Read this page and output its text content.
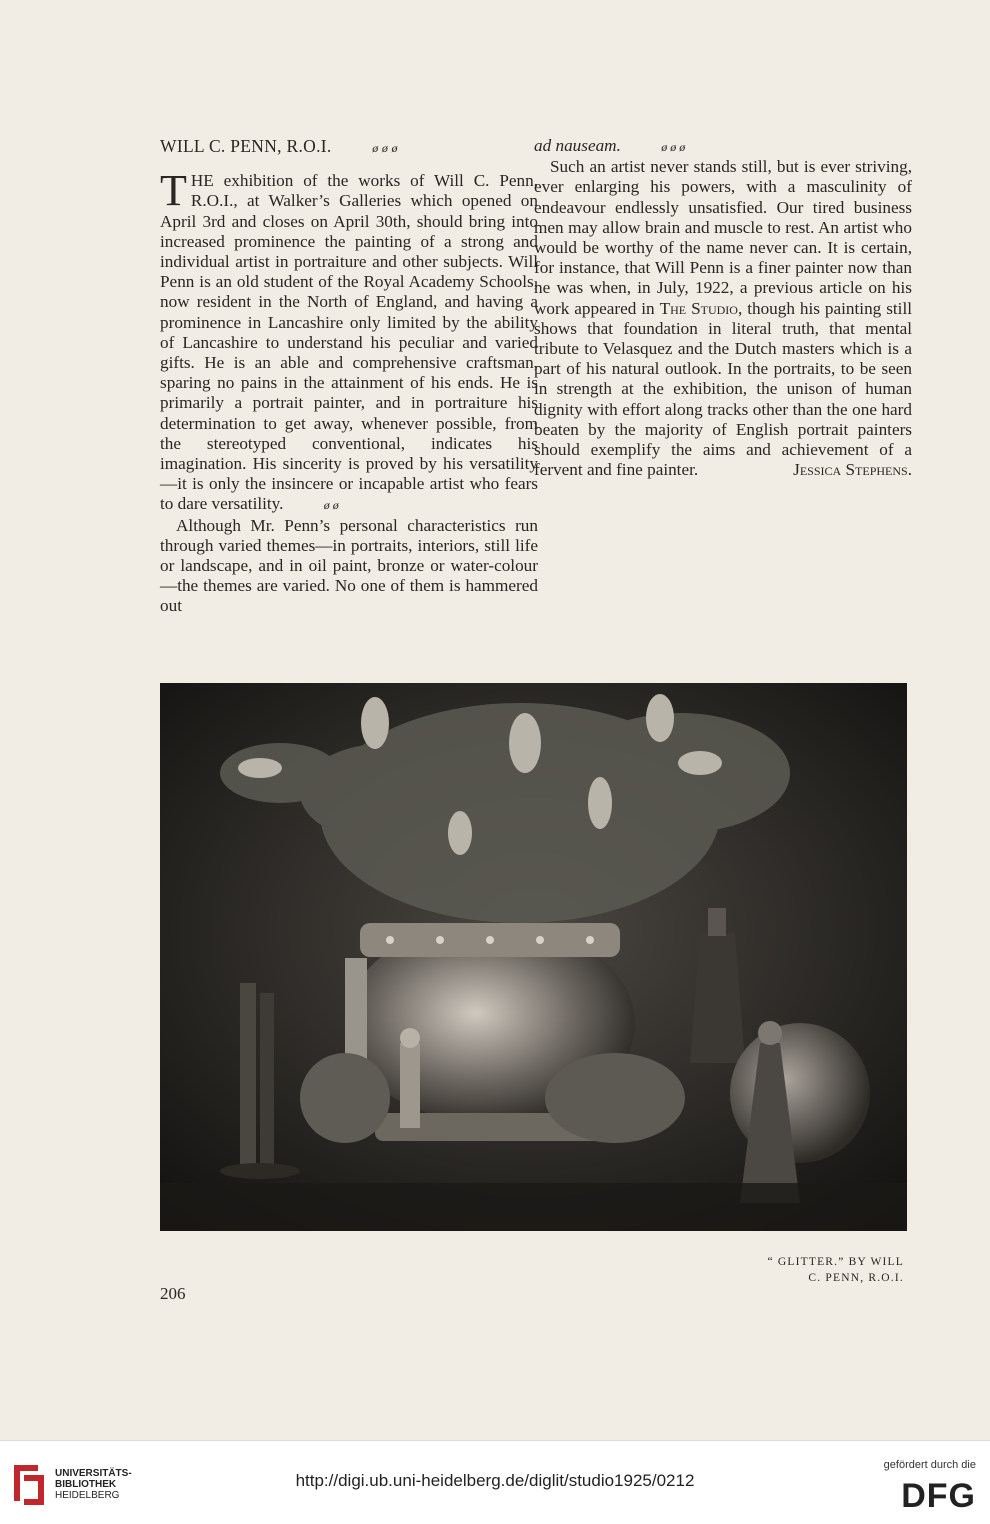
WILL C. PENN, R.O.I.	ø ø ø

THE exhibition of the works of Will C. Penn, R.O.I., at Walker’s Galleries which opened on April 3rd and closes on April 30th, should bring into increased prominence the painting of a strong and individual artist in portraiture and other subjects. Will Penn is an old student of the Royal Academy Schools, now resident in the North of England, and having a prominence in Lancashire only limited by the ability of Lancashire to understand his peculiar and varied gifts. He is an able and comprehensive craftsman, sparing no pains in the attainment of his ends. He is primarily a portrait painter, and in portraiture his determination to get away, whenever possible, from the stereotyped conventional, indicates his imagination. His sincerity is proved by his versatility—it is only the insincere or incapable artist who fears to dare versatility.	ø ø

Although Mr. Penn’s personal characteristics run through varied themes—in portraits, interiors, still life or landscape, and in oil paint, bronze or water-colour—the themes are varied. No one of them is hammered out

ad nauseam.	ø ø ø

Such an artist never stands still, but is ever striving, ever enlarging his powers, with a masculinity of endeavour endlessly unsatisfied. Our tired business men may allow brain and muscle to rest. An artist who would be worthy of the name never can. It is certain, for instance, that Will Penn is a finer painter now than he was when, in July, 1922, a previous article on his work appeared in The Studio, though his painting still shows that foundation in literal truth, that mental tribute to Velasquez and the Dutch masters which is a part of his natural outlook. In the portraits, to be seen in strength at the exhibition, the unison of human dignity with effort along tracks other than the one hard beaten by the majority of English portrait painters should exemplify the aims and achievement of a fervent and fine painter.	Jessica Stephens.

“ GLITTER.” BY WILL
C. PENN, R.O.I.
206
UNIVERSITÄTS-
BIBLIOTHEK
HEIDELBERG
http://digi.ub.uni-heidelberg.de/diglit/studio1925/0212
gefördert durch die
DFG
